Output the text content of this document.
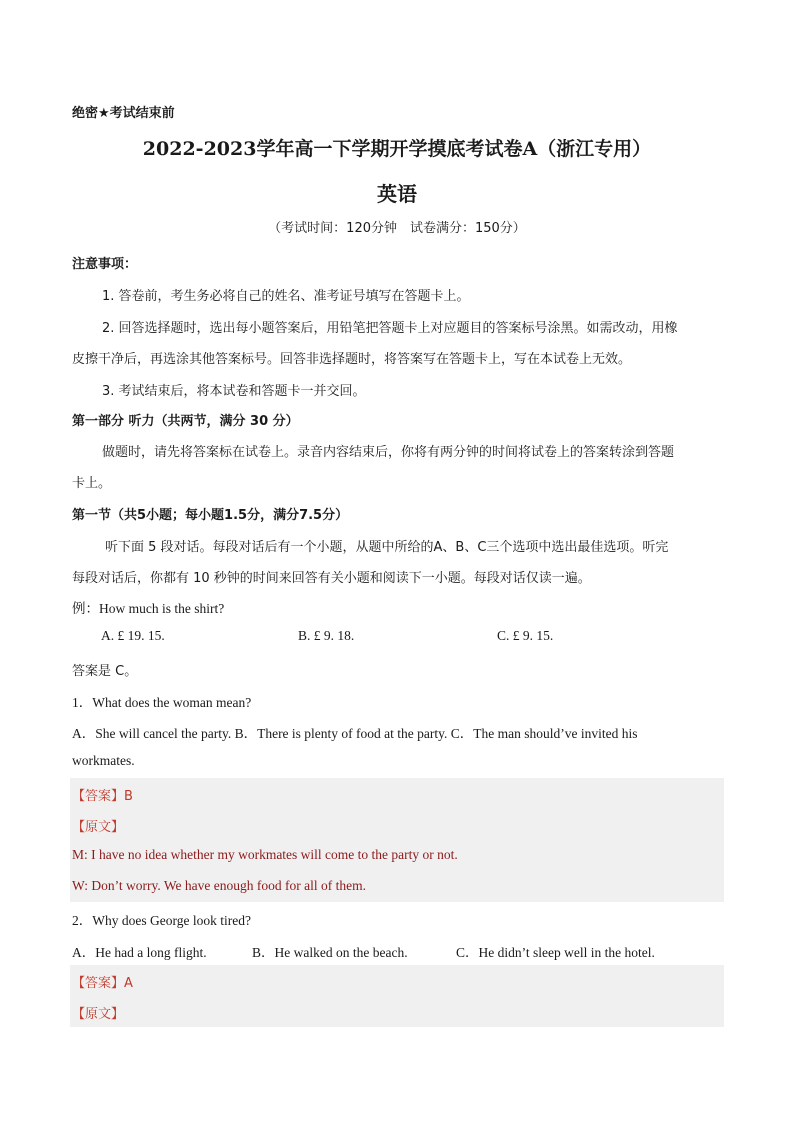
绝密★考试结束前
2022-2023学年高一下学期开学摸底考试卷A（浙江专用）
英语
（考试时间：120分钟　试卷满分：150分）
注意事项：
1. 答卷前，考生务必将自己的姓名、准考证号填写在答题卡上。
2. 回答选择题时，选出每小题答案后，用铅笔把答题卡上对应题目的答案标号涂黑。如需改动，用橡
皮擦干净后，再选涂其他答案标号。回答非选择题时，将答案写在答题卡上，写在本试卷上无效。
3. 考试结束后，将本试卷和答题卡一并交回。
第一部分 听力（共两节，满分 30 分）
做题时，请先将答案标在试卷上。录音内容结束后，你将有两分钟的时间将试卷上的答案转涂到答题
卡上。
第一节（共5小题；每小题1.5分，满分7.5分）
听下面 5 段对话。每段对话后有一个小题，从题中所给的A、B、C三个选项中选出最佳选项。听完
每段对话后，你都有 10 秒钟的时间来回答有关小题和阅读下一小题。每段对话仅读一遍。
例：How much is the shirt?
A. £ 19. 15.	B. £ 9. 18.	C. £ 9. 15.
答案是 C。
1．What does the woman mean?
A．She will cancel the party. B．There is plenty of food at the party. C．The man should’ve invited his
workmates.
【答案】B
【原文】
M: I have no idea whether my workmates will come to the party or not.
W: Don’t worry. We have enough food for all of them.
2．Why does George look tired?
A．He had a long flight.	B．He walked on the beach.	C．He didn’t sleep well in the hotel.
【答案】A
【原文】
